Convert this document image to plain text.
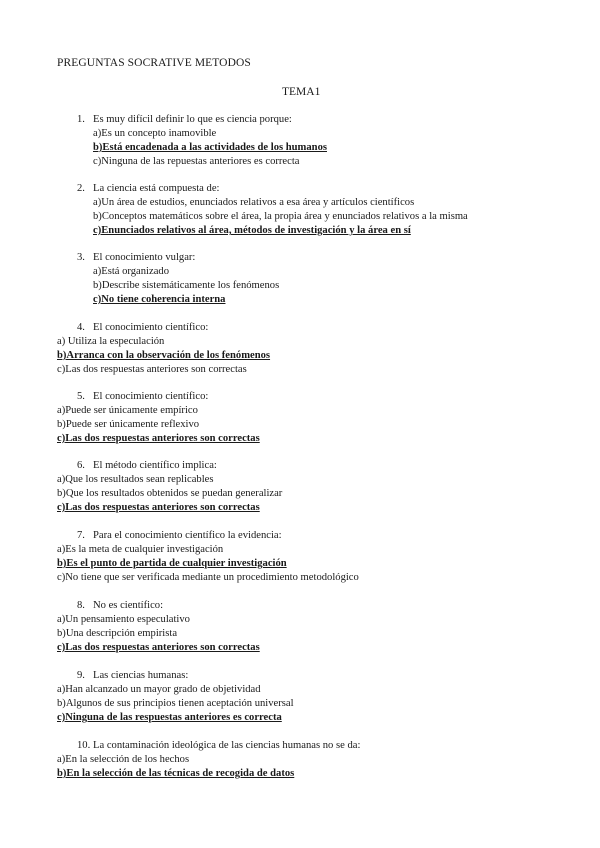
PREGUNTAS SOCRATIVE METODOS
TEMA1
1. Es muy difícil definir lo que es ciencia porque:
a)Es un concepto inamovible
b)Está encadenada a las actividades de los humanos
c)Ninguna de las repuestas anteriores es correcta
2. La ciencia está compuesta de:
a)Un área de estudios, enunciados relativos a esa área y artículos científicos
b)Conceptos matemáticos sobre el área, la propia área y enunciados relativos a la misma
c)Enunciados relativos al área, métodos de investigación y la área en sí
3. El conocimiento vulgar:
a)Está organizado
b)Describe sistemáticamente los fenómenos
c)No tiene coherencia interna
4. El conocimiento científico:
a) Utiliza la especulación
b)Arranca con la observación de los fenómenos
c)Las dos respuestas anteriores son correctas
5. El conocimiento científico:
a)Puede ser únicamente empírico
b)Puede ser únicamente reflexivo
c)Las dos respuestas anteriores son correctas
6. El método científico implica:
a)Que los resultados sean replicables
b)Que los resultados obtenidos se puedan generalizar
c)Las dos respuestas anteriores son correctas
7. Para el conocimiento científico la evidencia:
a)Es la meta de cualquier investigación
b)Es el punto de partida de cualquier investigación
c)No tiene que ser verificada mediante un procedimiento metodológico
8. No es científico:
a)Un pensamiento especulativo
b)Una descripción empirista
c)Las dos respuestas anteriores son correctas
9. Las ciencias humanas:
a)Han alcanzado un mayor grado de objetividad
b)Algunos de sus principios tienen aceptación universal
c)Ninguna de las respuestas anteriores es correcta
10. La contaminación ideológica de las ciencias humanas no se da:
a)En la selección de los hechos
b)En la selección de las técnicas de recogida de datos
